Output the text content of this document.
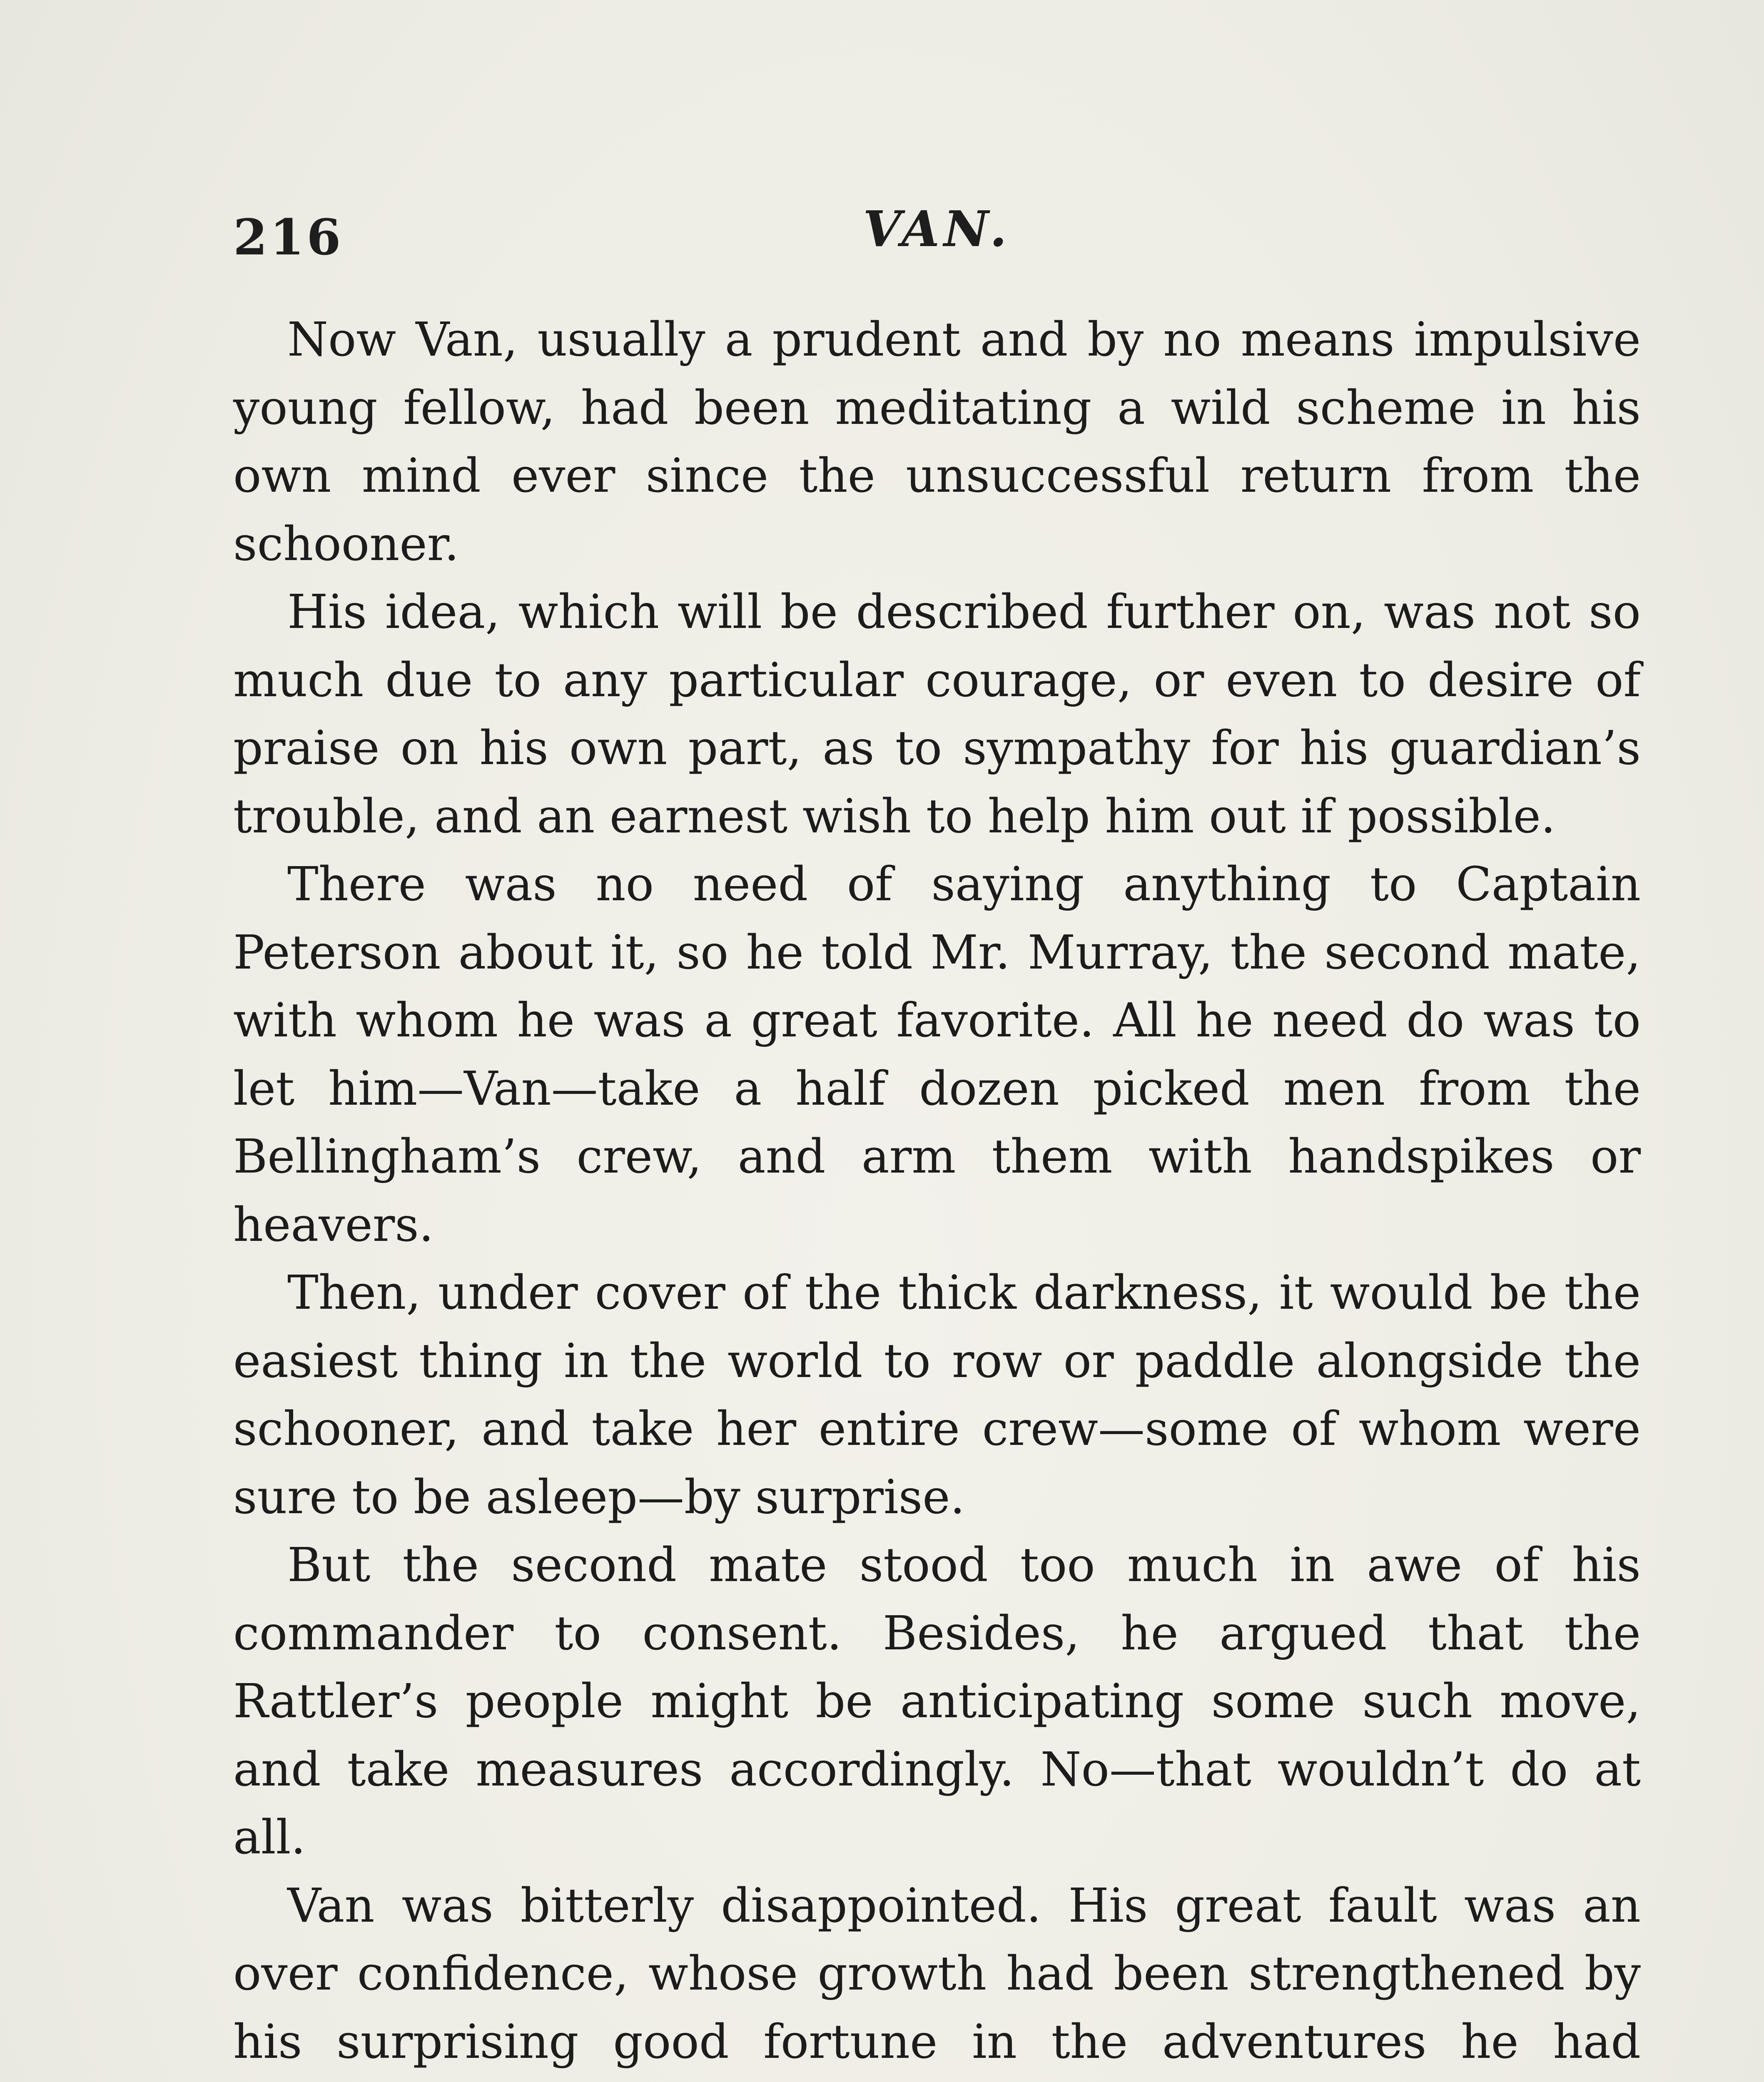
216	VAN.

Now Van, usually a prudent and by no means impulsive young fellow, had been meditating a wild scheme in his own mind ever since the unsuccessful return from the schooner.

His idea, which will be described further on, was not so much due to any particular courage, or even to desire of praise on his own part, as to sympathy for his guardian’s trouble, and an earnest wish to help him out if possible.

There was no need of saying anything to Captain Peterson about it, so he told Mr. Murray, the second mate, with whom he was a great favorite. All he need do was to let him—Van—take a half dozen picked men from the Bellingham’s crew, and arm them with handspikes or heavers.

Then, under cover of the thick darkness, it would be the easiest thing in the world to row or paddle alongside the schooner, and take her entire crew—some of whom were sure to be asleep—by surprise.

But the second mate stood too much in awe of his commander to consent. Besides, he argued that the Rattler’s people might be anticipating some such move, and take measures accordingly. No—that wouldn’t do at all.

Van was bitterly disappointed. His great fault was an over confidence, whose growth had been strengthened by his surprising good fortune in the adventures he had
